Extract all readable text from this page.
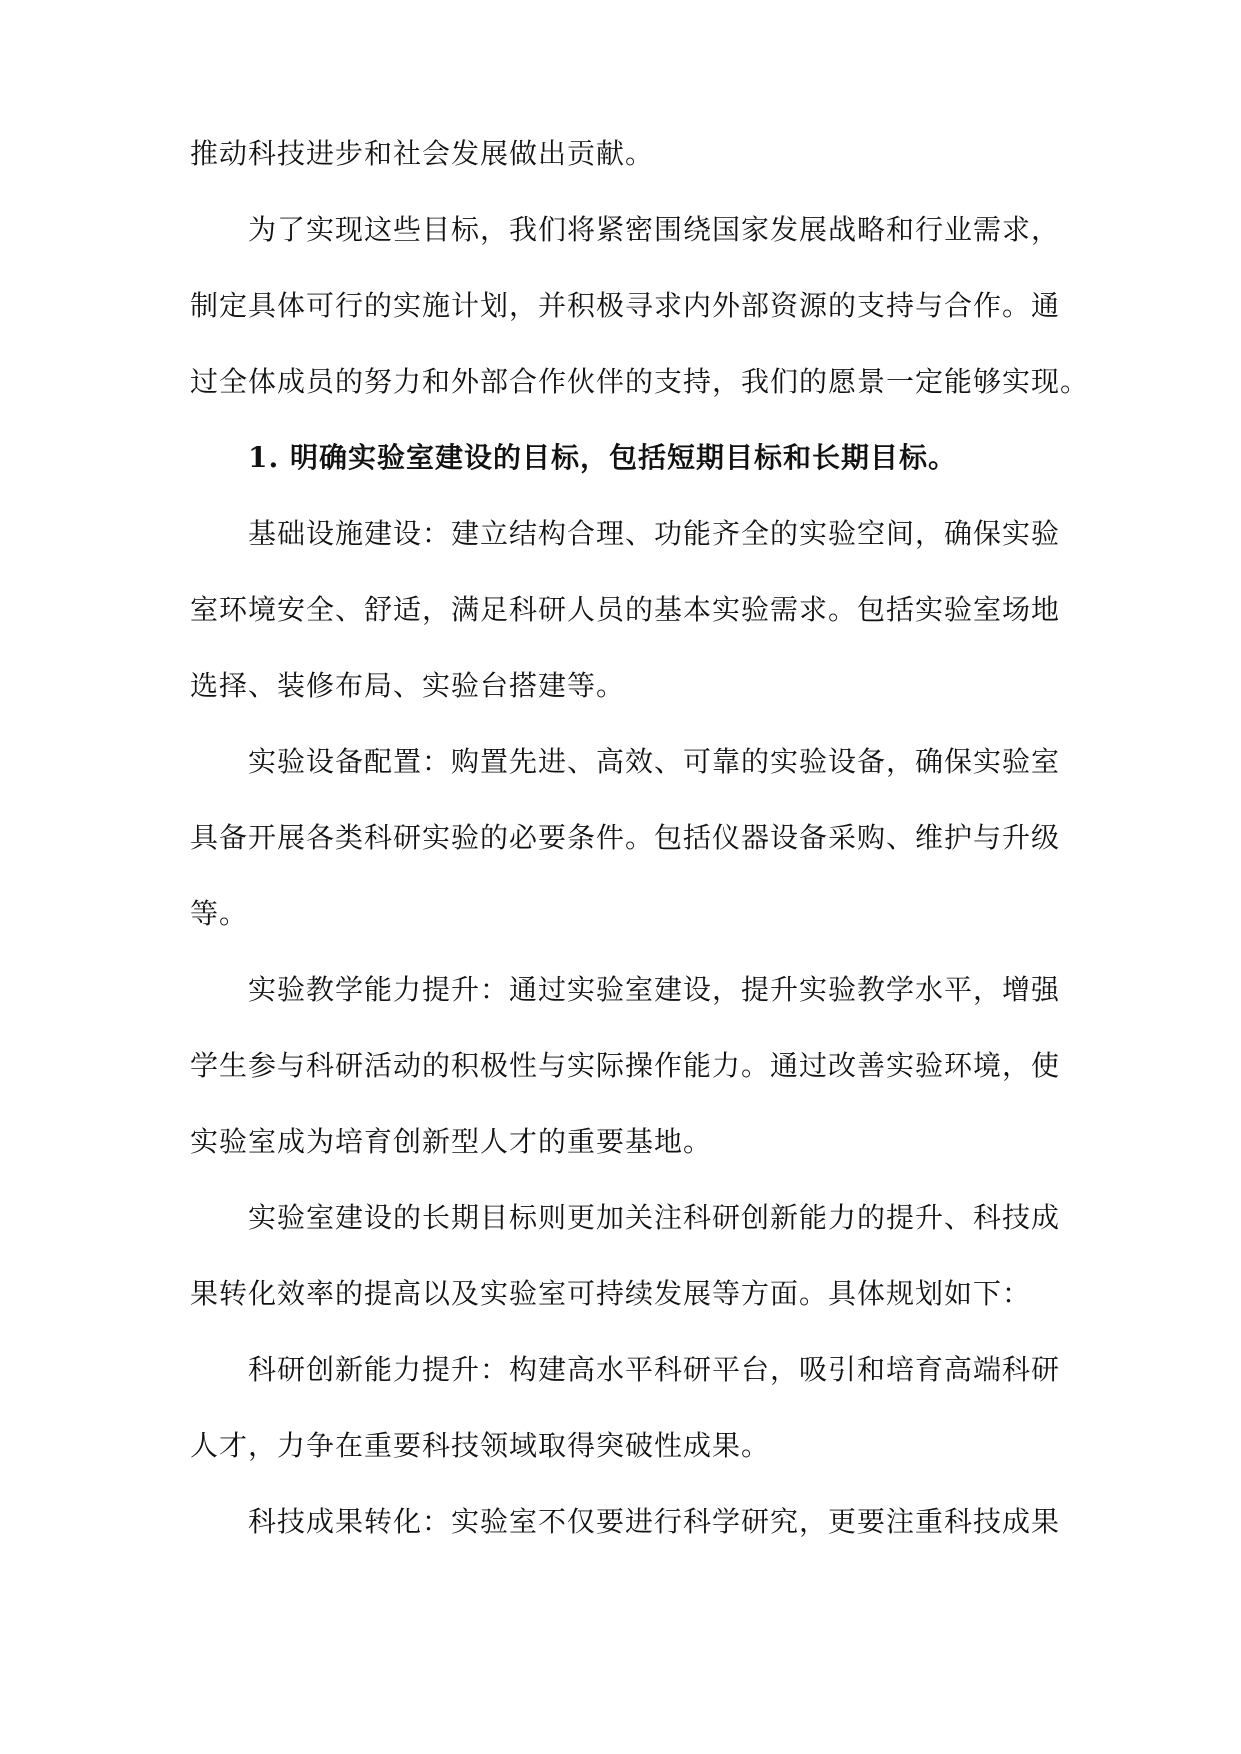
推动科技进步和社会发展做出贡献。
为了实现这些目标，我们将紧密围绕国家发展战略和行业需求，
制定具体可行的实施计划，并积极寻求内外部资源的支持与合作。通
过全体成员的努力和外部合作伙伴的支持，我们的愿景一定能够实现。
1. 明确实验室建设的目标，包括短期目标和长期目标。
基础设施建设：建立结构合理、功能齐全的实验空间，确保实验
室环境安全、舒适，满足科研人员的基本实验需求。包括实验室场地
选择、装修布局、实验台搭建等。
实验设备配置：购置先进、高效、可靠的实验设备，确保实验室
具备开展各类科研实验的必要条件。包括仪器设备采购、维护与升级
等。
实验教学能力提升：通过实验室建设，提升实验教学水平，增强
学生参与科研活动的积极性与实际操作能力。通过改善实验环境，使
实验室成为培育创新型人才的重要基地。
实验室建设的长期目标则更加关注科研创新能力的提升、科技成
果转化效率的提高以及实验室可持续发展等方面。具体规划如下：
科研创新能力提升：构建高水平科研平台，吸引和培育高端科研
人才，力争在重要科技领域取得突破性成果。
科技成果转化：实验室不仅要进行科学研究，更要注重科技成果
